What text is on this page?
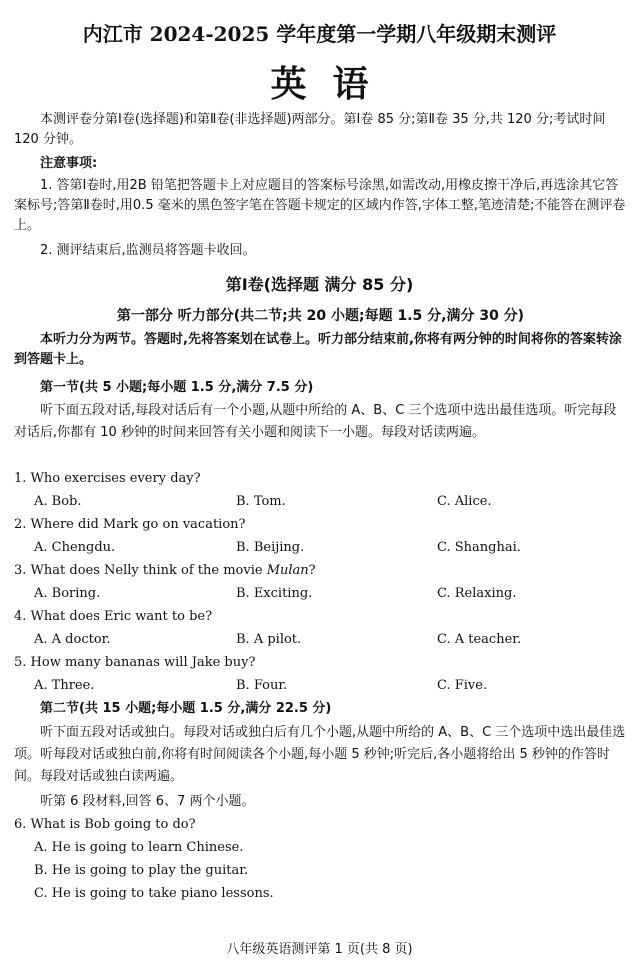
内江市 2024-2025 学年度第一学期八年级期末测评
英语
本测评卷分第Ⅰ卷(选择题)和第Ⅱ卷(非选择题)两部分。第Ⅰ卷 85 分;第Ⅱ卷 35 分,共 120 分;考试时间 120 分钟。
注意事项:
1. 答第Ⅰ卷时,用2B 铅笔把答题卡上对应题目的答案标号涂黑,如需改动,用橡皮擦干净后,再选涂其它答案标号;答第Ⅱ卷时,用0.5 毫米的黑色签字笔在答题卡规定的区域内作答,字体工整,笔迹清楚;不能答在测评卷上。
2. 测评结束后,监测员将答题卡收回。
第Ⅰ卷(选择题 满分 85 分)
第一部分 听力部分(共二节;共 20 小题;每题 1.5 分,满分 30 分)
本听力分为两节。答题时,先将答案划在试卷上。听力部分结束前,你将有两分钟的时间将你的答案转涂到答题卡上。
第一节(共 5 小题;每小题 1.5 分,满分 7.5 分)
听下面五段对话,每段对话后有一个小题,从题中所给的 A、B、C 三个选项中选出最佳选项。听完每段对话后,你都有 10 秒钟的时间来回答有关小题和阅读下一小题。每段对话读两遍。
1. Who exercises every day?
A. Bob.	B. Tom.	C. Alice.
2. Where did Mark go on vacation?
A. Chengdu.	B. Beijing.	C. Shanghai.
3. What does Nelly think of the movie Mulan?
A. Boring.	B. Exciting.	C. Relaxing.
4. What does Eric want to be?
A. A doctor.	B. A pilot.	C. A teacher.
5. How many bananas will Jake buy?
A. Three.	B. Four.	C. Five.
第二节(共 15 小题;每小题 1.5 分,满分 22.5 分)
听下面五段对话或独白。每段对话或独白后有几个小题,从题中所给的 A、B、C 三个选项中选出最佳选项。听每段对话或独白前,你将有时间阅读各个小题,每小题 5 秒钟;听完后,各小题将给出 5 秒钟的作答时间。每段对话或独白读两遍。
听第 6 段材料,回答 6、7 两个小题。
6. What is Bob going to do?
A. He is going to learn Chinese.
B. He is going to play the guitar.
C. He is going to take piano lessons.
八年级英语测评第 1 页(共 8 页)
